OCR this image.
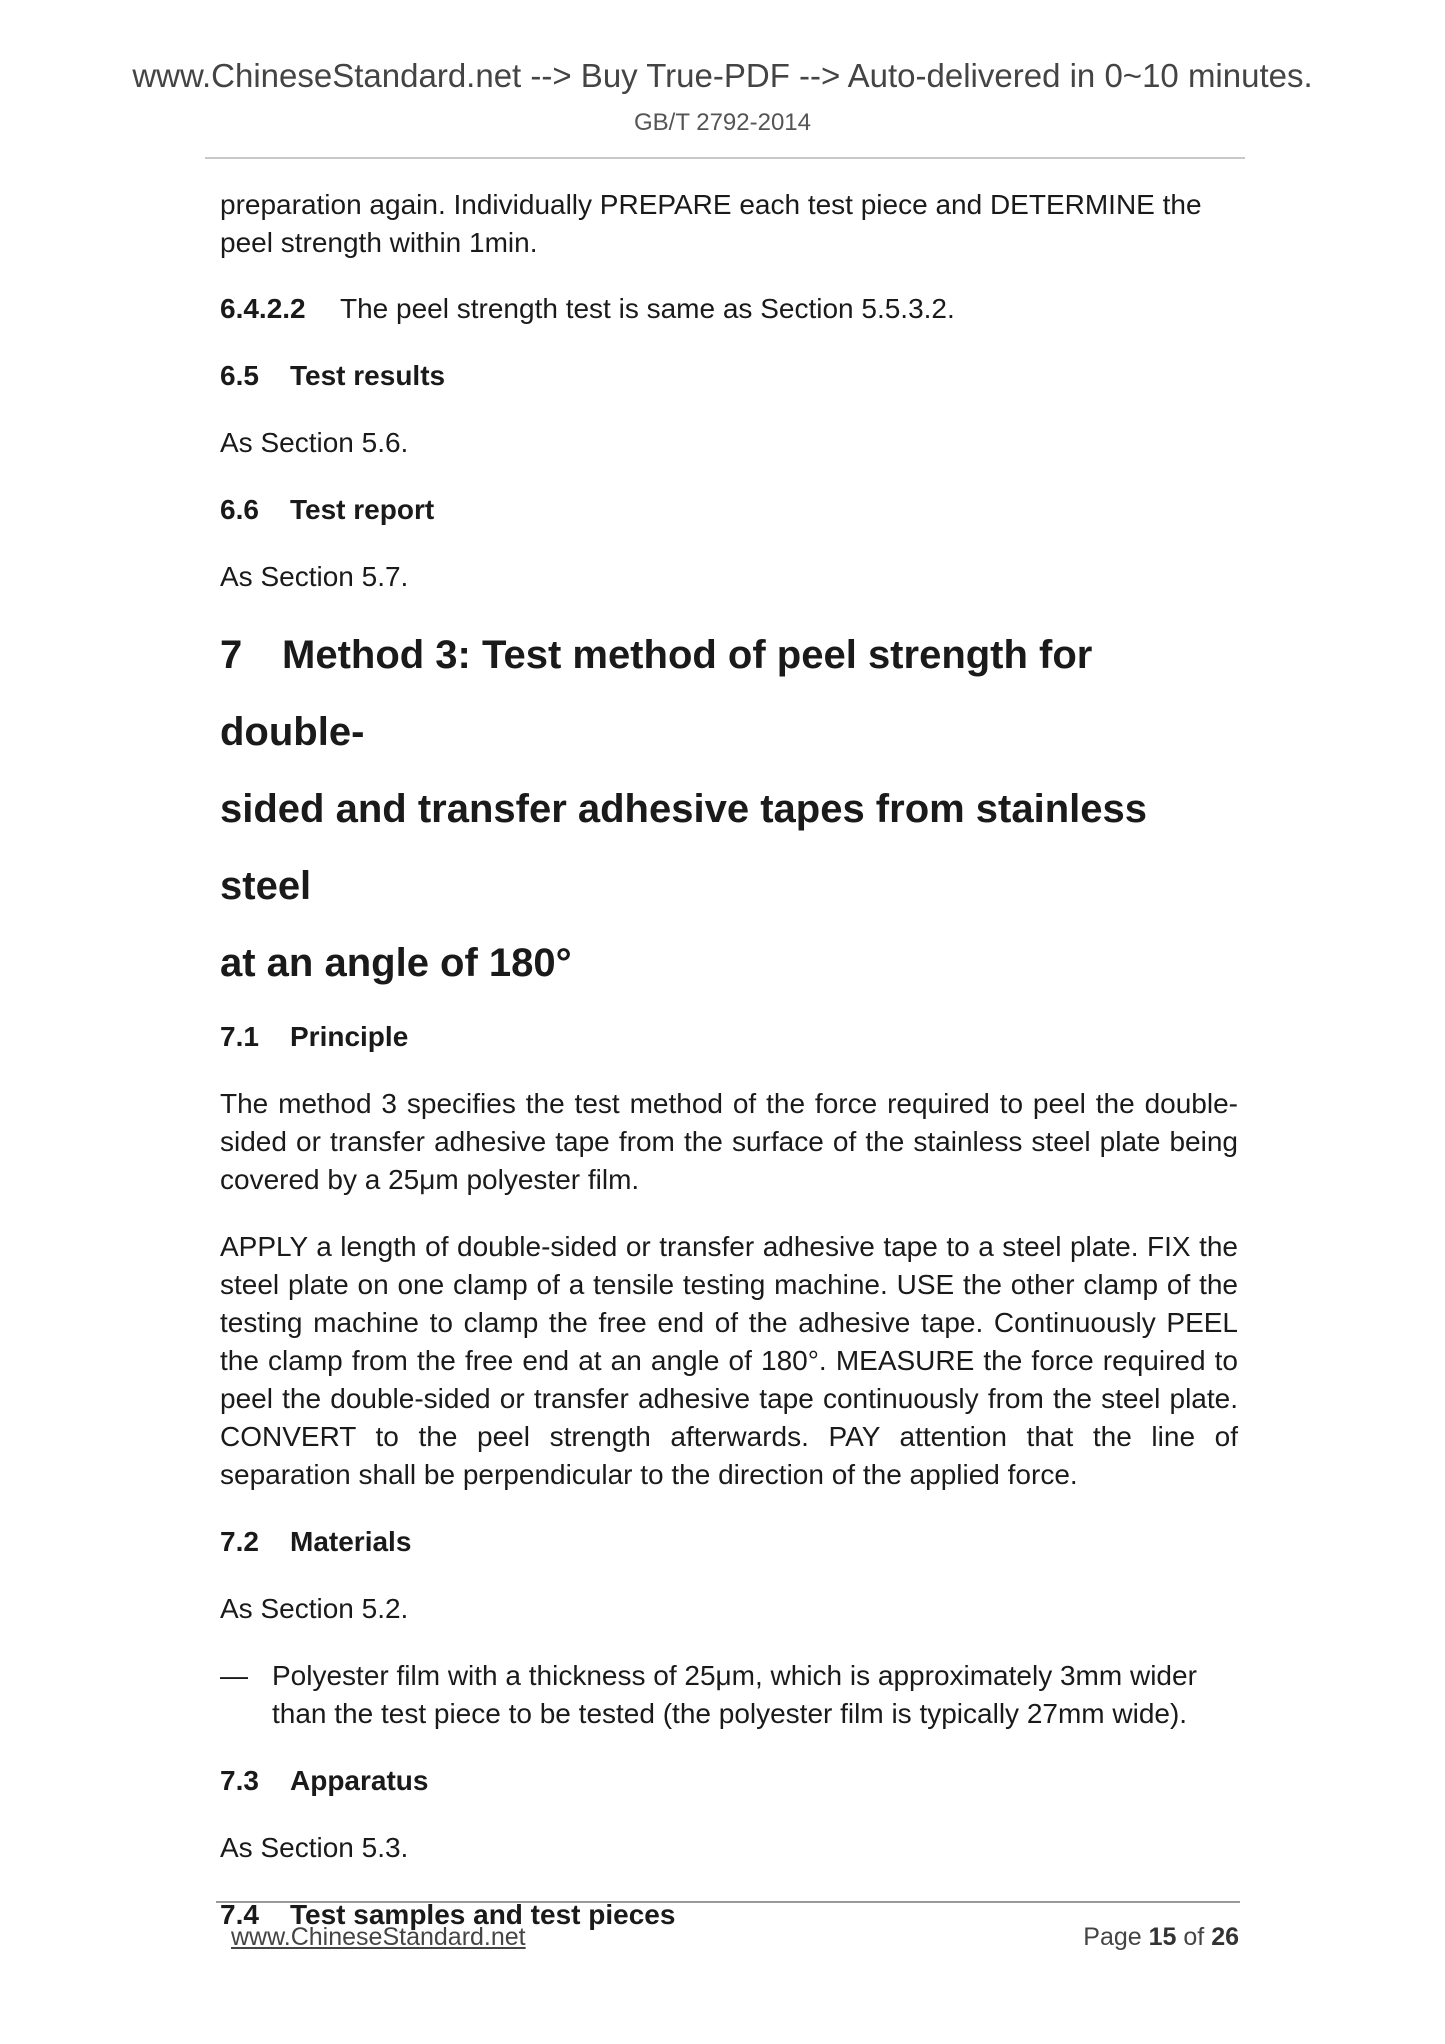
www.ChineseStandard.net --> Buy True-PDF --> Auto-delivered in 0~10 minutes.
GB/T 2792-2014

preparation again. Individually PREPARE each test piece and DETERMINE the peel strength within 1min.

6.4.2.2 The peel strength test is same as Section 5.5.3.2.

6.5 Test results

As Section 5.6.

6.6 Test report

As Section 5.7.

7 Method 3: Test method of peel strength for double-

sided and transfer adhesive tapes from stainless steel

at an angle of 180°

7.1 Principle

The method 3 specifies the test method of the force required to peel the double-sided or transfer adhesive tape from the surface of the stainless steel plate being covered by a 25μm polyester film.

APPLY a length of double-sided or transfer adhesive tape to a steel plate. FIX the steel plate on one clamp of a tensile testing machine. USE the other clamp of the testing machine to clamp the free end of the adhesive tape. Continuously PEEL the clamp from the free end at an angle of 180°. MEASURE the force required to peel the double-sided or transfer adhesive tape continuously from the steel plate. CONVERT to the peel strength afterwards. PAY attention that the line of separation shall be perpendicular to the direction of the applied force.

7.2 Materials

As Section 5.2.

— Polyester film with a thickness of 25μm, which is approximately 3mm wider than the test piece to be tested (the polyester film is typically 27mm wide).

7.3 Apparatus

As Section 5.3.

7.4 Test samples and test pieces

www.ChineseStandard.net	Page 15 of 26
